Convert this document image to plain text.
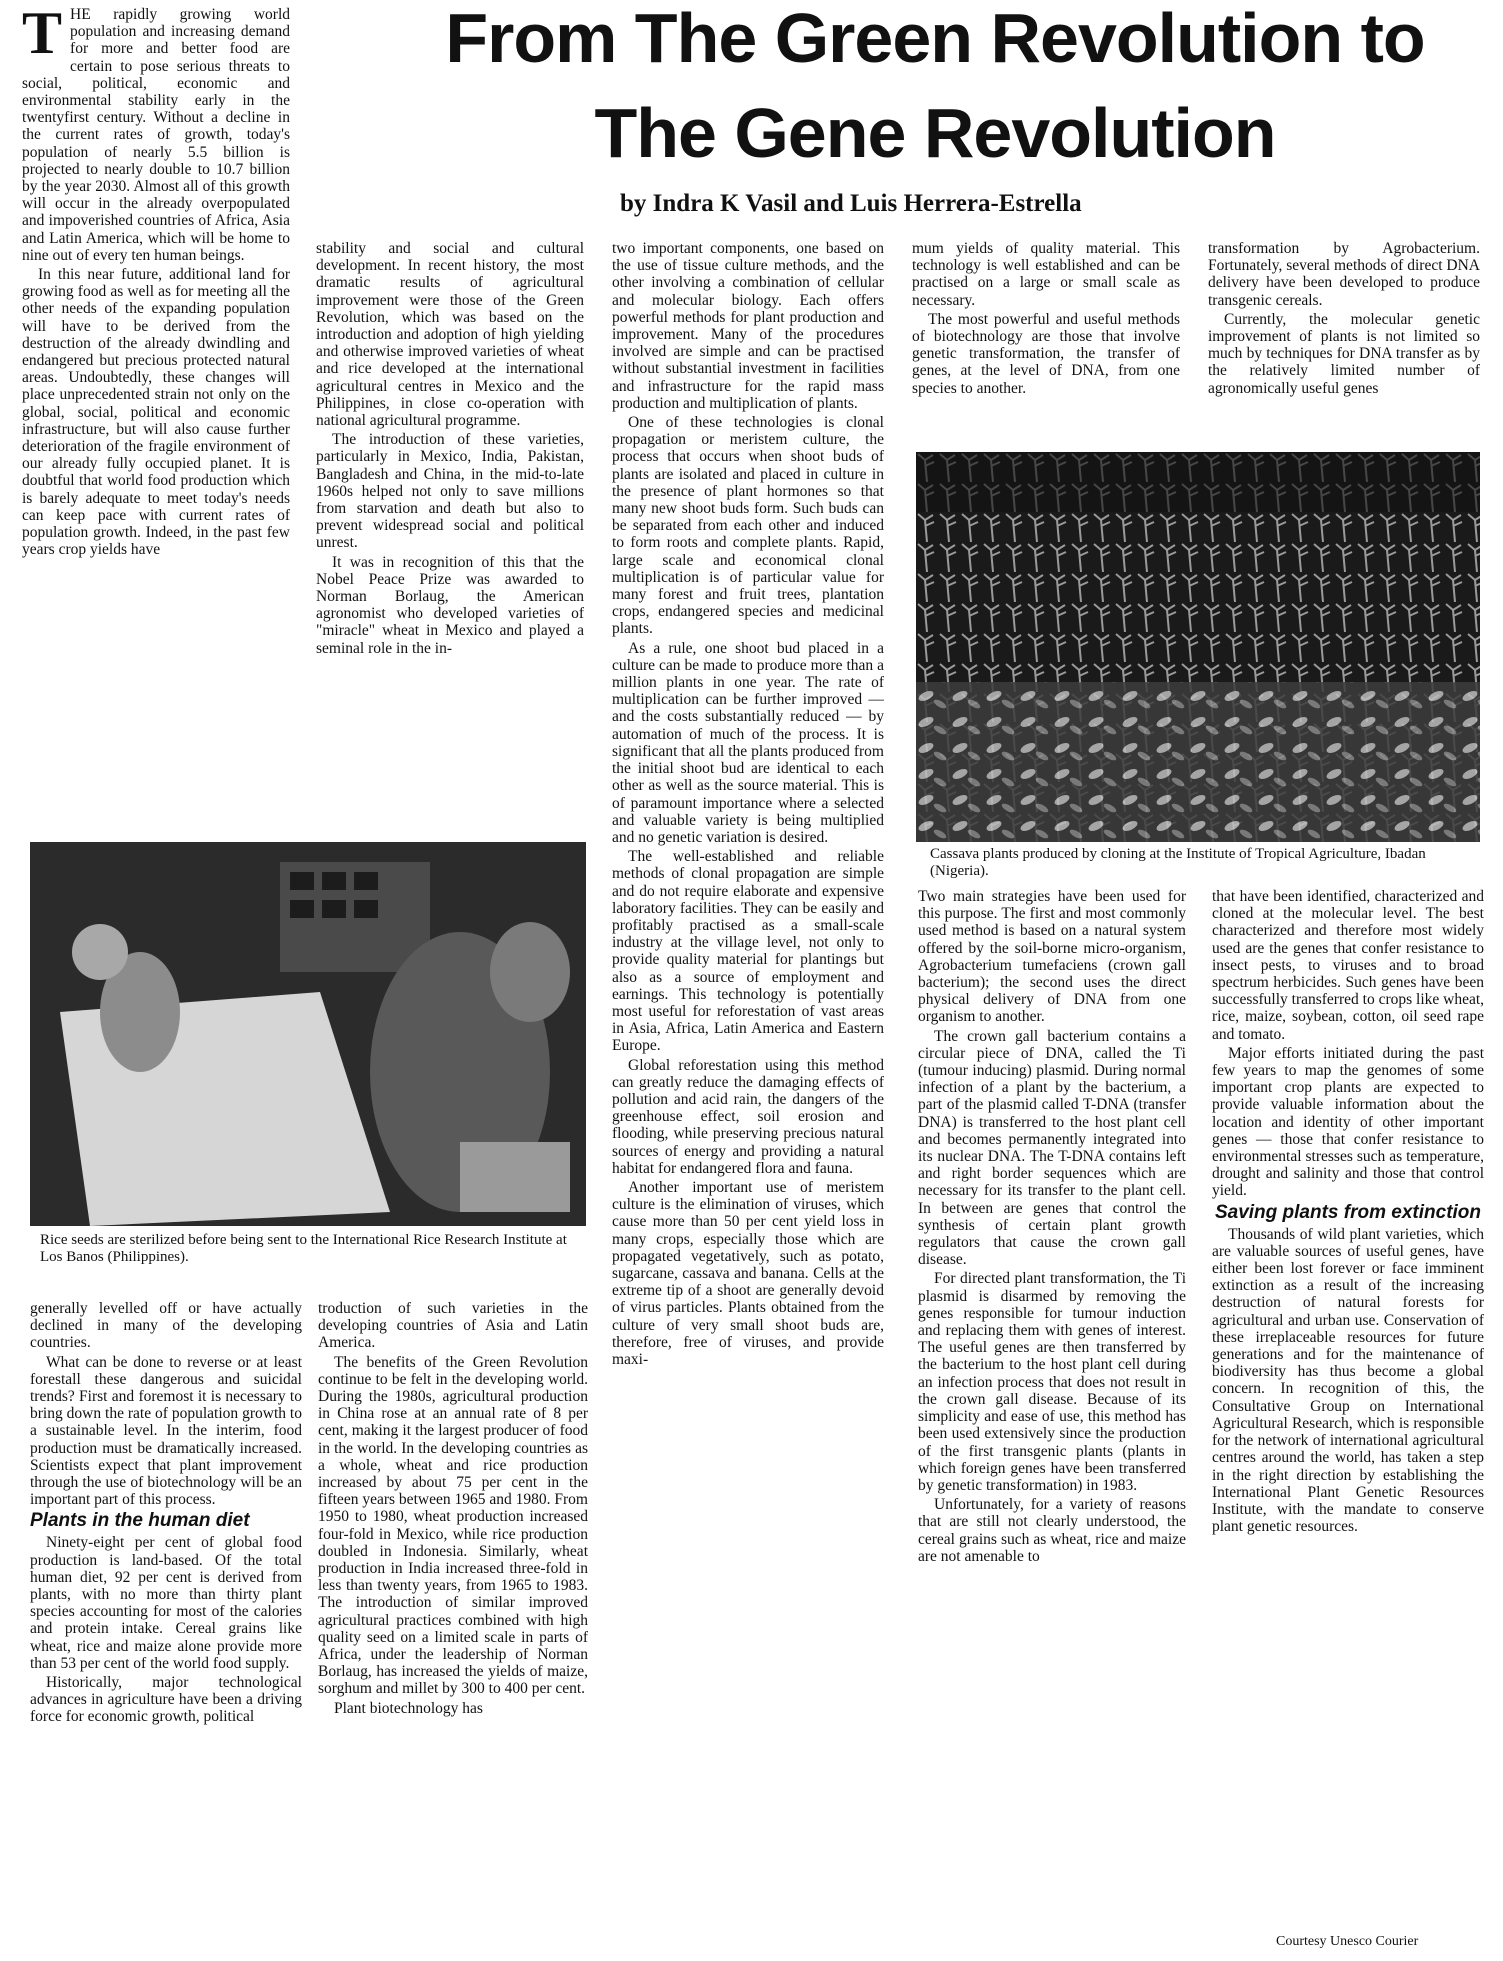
From The Green Revolution to
The Gene Revolution
by Indra K Vasil and Luis Herrera-Estrella

THE rapidly growing world population and increasing demand for more and better food are certain to pose serious threats to social, political, economic and environmental stability early in the twentyfirst century. Without a decline in the current rates of growth, today's population of nearly 5.5 billion is projected to nearly double to 10.7 billion by the year 2030. Almost all of this growth will occur in the already overpopulated and impoverished countries of Africa, Asia and Latin America, which will be home to nine out of every ten human beings.

In this near future, additional land for growing food as well as for meeting all the other needs of the expanding population will have to be derived from the destruction of the already dwindling and endangered but precious protected natural areas. Undoubtedly, these changes will place unprecedented strain not only on the global, social, political and economic infrastructure, but will also cause further deterioration of the fragile environment of our already fully occupied planet. It is doubtful that world food production which is barely adequate to meet today's needs can keep pace with current rates of population growth. Indeed, in the past few years crop yields have

stability and social and cultural development. In recent history, the most dramatic results of agricultural improvement were those of the Green Revolution, which was based on the introduction and adoption of high yielding and otherwise improved varieties of wheat and rice developed at the international agricultural centres in Mexico and the Philippines, in close co-operation with national agricultural programme.

The introduction of these varieties, particularly in Mexico, India, Pakistan, Bangladesh and China, in the mid-to-late 1960s helped not only to save millions from starvation and death but also to prevent widespread social and political unrest.

It was in recognition of this that the Nobel Peace Prize was awarded to Norman Borlaug, the American agronomist who developed varieties of "miracle" wheat in Mexico and played a seminal role in the in-

two important components, one based on the use of tissue culture methods, and the other involving a combination of cellular and molecular biology. Each offers powerful methods for plant production and improvement. Many of the procedures involved are simple and can be practised without substantial investment in facilities and infrastructure for the rapid mass production and multiplication of plants.

One of these technologies is clonal propagation or meristem culture, the process that occurs when shoot buds of plants are isolated and placed in culture in the presence of plant hormones so that many new shoot buds form. Such buds can be separated from each other and induced to form roots and complete plants. Rapid, large scale and economical clonal multiplication is of particular value for many forest and fruit trees, plantation crops, endangered species and medicinal plants.

As a rule, one shoot bud placed in a culture can be made to produce more than a million plants in one year. The rate of multiplication can be further improved — and the costs substantially reduced — by automation of much of the process. It is significant that all the plants produced from the initial shoot bud are identical to each other as well as the source material. This is of paramount importance where a selected and valuable variety is being multiplied and no genetic variation is desired.

The well-established and reliable methods of clonal propagation are simple and do not require elaborate and expensive laboratory facilities. They can be easily and profitably practised as a small-scale industry at the village level, not only to provide quality material for plantings but also as a source of employment and earnings. This technology is potentially most useful for reforestation of vast areas in Asia, Africa, Latin America and Eastern Europe.

Global reforestation using this method can greatly reduce the damaging effects of pollution and acid rain, the dangers of the greenhouse effect, soil erosion and flooding, while preserving precious natural sources of energy and providing a natural habitat for endangered flora and fauna.

Another important use of meristem culture is the elimination of viruses, which cause more than 50 per cent yield loss in many crops, especially those which are propagated vegetatively, such as potato, sugarcane, cassava and banana. Cells at the extreme tip of a shoot are generally devoid of virus particles. Plants obtained from the culture of very small shoot buds are, therefore, free of viruses, and provide maxi-

mum yields of quality material. This technology is well established and can be practised on a large or small scale as necessary.

The most powerful and useful methods of biotechnology are those that involve genetic transformation, the transfer of genes, at the level of DNA, from one species to another.

transformation by Agrobacterium. Fortunately, several methods of direct DNA delivery have been developed to produce transgenic cereals.

Currently, the molecular genetic improvement of plants is not limited so much by techniques for DNA transfer as by the relatively limited number of agronomically useful genes

Cassava plants produced by cloning at the Institute of Tropical Agriculture, Ibadan (Nigeria).
Rice seeds are sterilized before being sent to the International Rice Research Institute at Los Banos (Philippines).

generally levelled off or have actually declined in many of the developing countries.

What can be done to reverse or at least forestall these dangerous and suicidal trends? First and foremost it is necessary to bring down the rate of population growth to a sustainable level. In the interim, food production must be dramatically increased. Scientists expect that plant improvement through the use of biotechnology will be an important part of this process.

Plants in the human diet

Ninety-eight per cent of global food production is land-based. Of the total human diet, 92 per cent is derived from plants, with no more than thirty plant species accounting for most of the calories and protein intake. Cereal grains like wheat, rice and maize alone provide more than 53 per cent of the world food supply.

Historically, major technological advances in agriculture have been a driving force for economic growth, political

troduction of such varieties in the developing countries of Asia and Latin America.

The benefits of the Green Revolution continue to be felt in the developing world. During the 1980s, agricultural production in China rose at an annual rate of 8 per cent, making it the largest producer of food in the world. In the developing countries as a whole, wheat and rice production increased by about 75 per cent in the fifteen years between 1965 and 1980. From 1950 to 1980, wheat production increased four-fold in Mexico, while rice production doubled in Indonesia. Similarly, wheat production in India increased three-fold in less than twenty years, from 1965 to 1983. The introduction of similar improved agricultural practices combined with high quality seed on a limited scale in parts of Africa, under the leadership of Norman Borlaug, has increased the yields of maize, sorghum and millet by 300 to 400 per cent.

Plant biotechnology has

Two main strategies have been used for this purpose. The first and most commonly used method is based on a natural system offered by the soil-borne micro-organism, Agrobacterium tumefaciens (crown gall bacterium); the second uses the direct physical delivery of DNA from one organism to another.

The crown gall bacterium contains a circular piece of DNA, called the Ti (tumour inducing) plasmid. During normal infection of a plant by the bacterium, a part of the plasmid called T-DNA (transfer DNA) is transferred to the host plant cell and becomes permanently integrated into its nuclear DNA. The T-DNA contains left and right border sequences which are necessary for its transfer to the plant cell. In between are genes that control the synthesis of certain plant growth regulators that cause the crown gall disease.

For directed plant transformation, the Ti plasmid is disarmed by removing the genes responsible for tumour induction and replacing them with genes of interest. The useful genes are then transferred by the bacterium to the host plant cell during an infection process that does not result in the crown gall disease. Because of its simplicity and ease of use, this method has been used extensively since the production of the first transgenic plants (plants in which foreign genes have been transferred by genetic transformation) in 1983.

Unfortunately, for a variety of reasons that are still not clearly understood, the cereal grains such as wheat, rice and maize are not amenable to

that have been identified, characterized and cloned at the molecular level. The best characterized and therefore most widely used are the genes that confer resistance to insect pests, to viruses and to broad spectrum herbicides. Such genes have been successfully transferred to crops like wheat, rice, maize, soybean, cotton, oil seed rape and tomato.

Major efforts initiated during the past few years to map the genomes of some important crop plants are expected to provide valuable information about the location and identity of other important genes — those that confer resistance to environmental stresses such as temperature, drought and salinity and those that control yield.

Saving plants from extinction

Thousands of wild plant varieties, which are valuable sources of useful genes, have either been lost forever or face imminent extinction as a result of the increasing destruction of natural forests for agricultural and urban use. Conservation of these irreplaceable resources for future generations and for the maintenance of biodiversity has thus become a global concern. In recognition of this, the Consultative Group on International Agricultural Research, which is responsible for the network of international agricultural centres around the world, has taken a step in the right direction by establishing the International Plant Genetic Resources Institute, with the mandate to conserve plant genetic resources.

Courtesy Unesco Courier
